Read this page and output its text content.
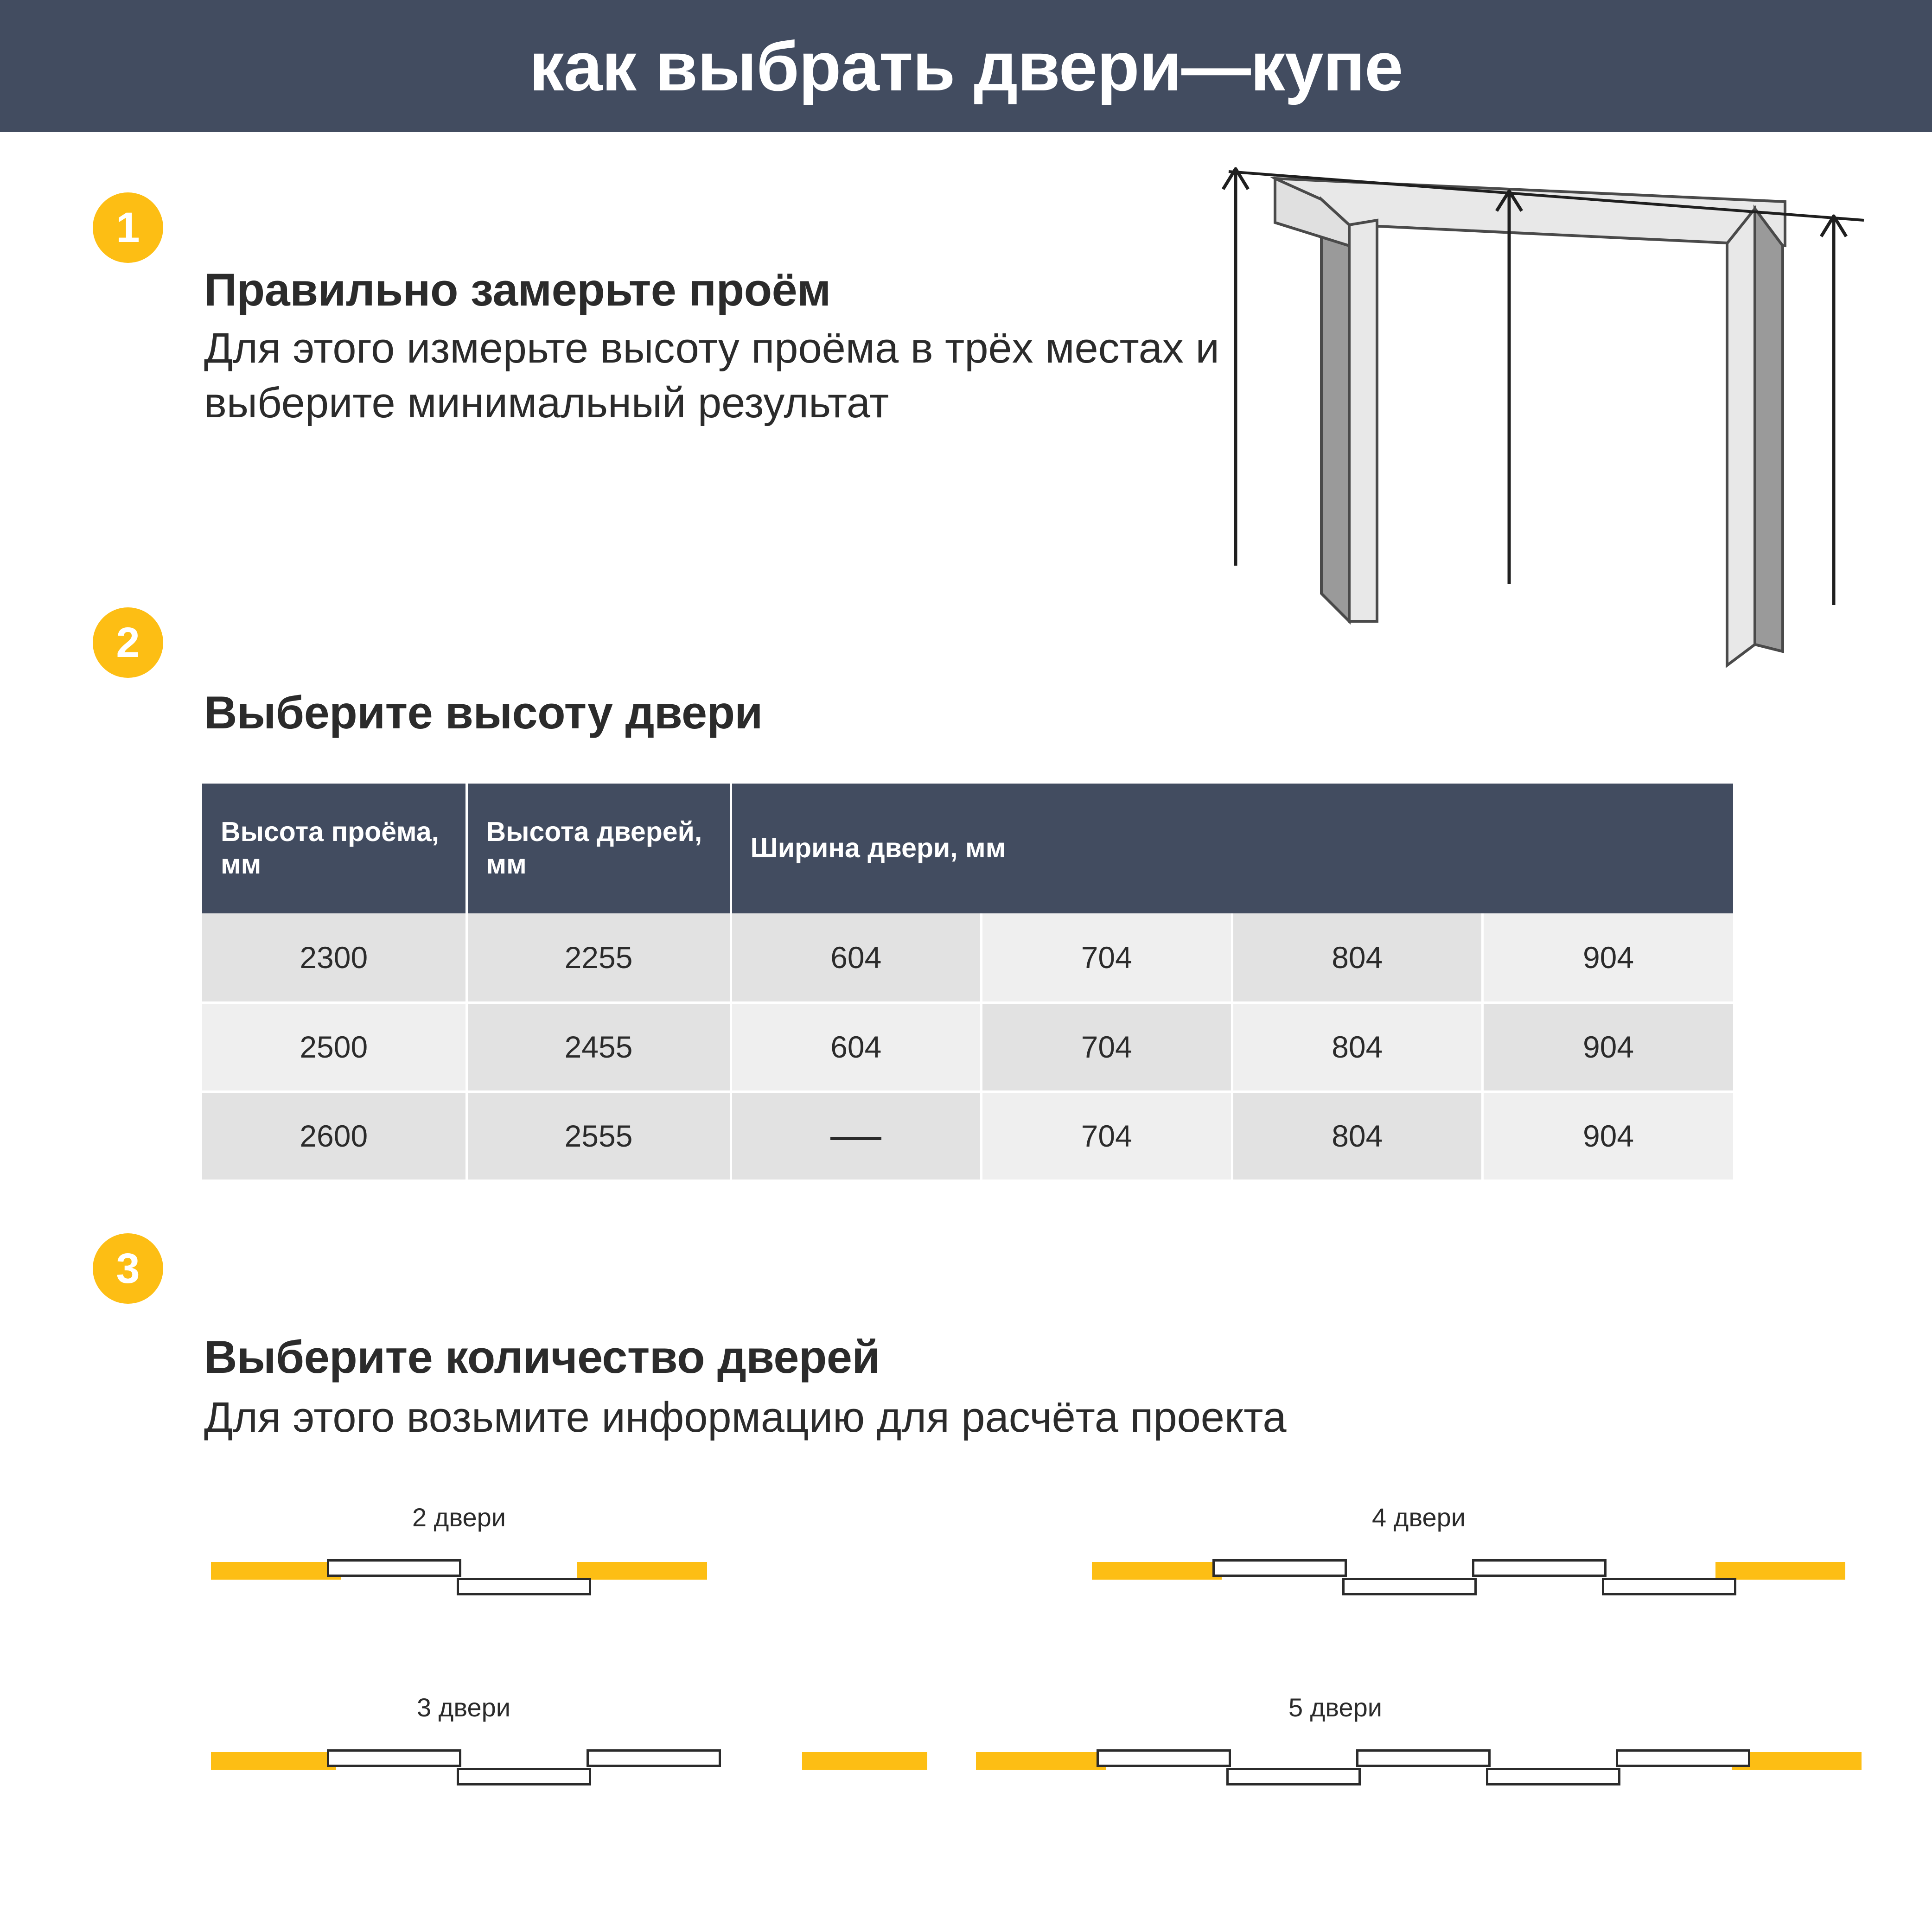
как выбрать двери—купе
1
Правильно замерьте проём
Для этого измерьте высоту проёма в трёх местах и выберите минимальный результат
2
Выберите высоту двери
Высота проёма, мм	Высота дверей, мм	Ширина двери, мм			
2300	2255	604	704	804	904
2500	2455	604	704	804	904
2600	2555		704	804	904
3
Выберите количество дверей
Для этого возьмите информацию для расчёта проекта
2 двери
3 двери
4 двери
5 двери
